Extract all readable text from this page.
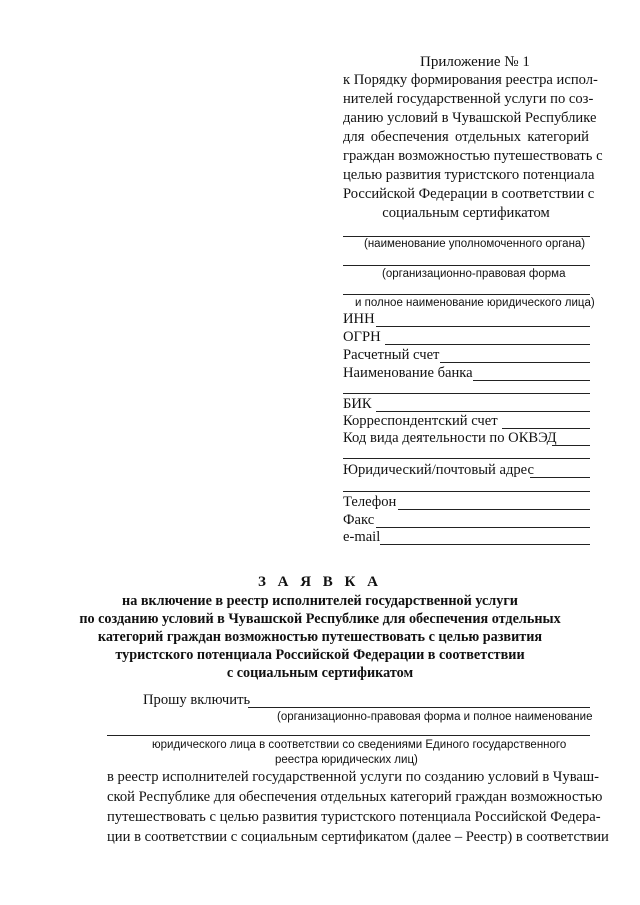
Приложение № 1
к Порядку формирования реестра испол-
нителей государственной услуги по соз-
данию условий в Чувашской Республике
для обеспечения отдельных категорий
граждан возможностью путешествовать с
целью развития туристского потенциала
Российской Федерации в соответствии с
социальным сертификатом
(наименование уполномоченного органа)
(организационно-правовая форма
и полное наименование юридического лица)
ИНН
ОГРН
Расчетный счет
Наименование банка
БИК
Корреспондентский счет
Код вида деятельности по ОКВЭД
Юридический/почтовый адрес
Телефон
Факс
e-mail
З А Я В К А
на включение в реестр исполнителей государственной услуги
по созданию условий в Чувашской Республике для обеспечения отдельных
категорий граждан возможностью путешествовать с целью развития
туристского потенциала Российской Федерации в соответствии
с социальным сертификатом
Прошу включить
(организационно-правовая форма и полное наименование
юридического лица в соответствии со сведениями Единого государственного
реестра юридических лиц)
в реестр исполнителей государственной услуги по созданию условий в Чуваш-
ской Республике для обеспечения отдельных категорий граждан возможностью
путешествовать с целью развития туристского потенциала Российской Федера-
ции в соответствии с социальным сертификатом (далее – Реестр) в соответствии
